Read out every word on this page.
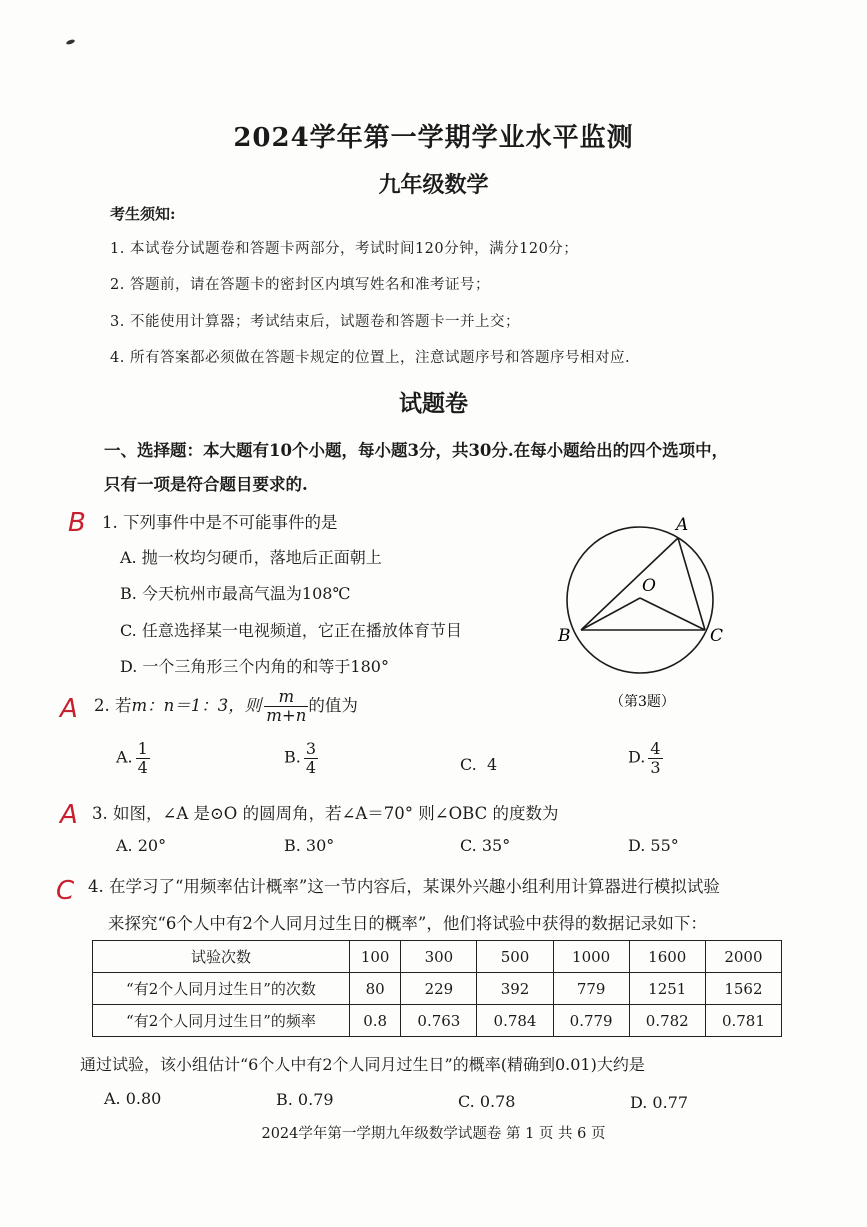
2024学年第一学期学业水平监测
九年级数学
考生须知:
1. 本试卷分试题卷和答题卡两部分，考试时间120分钟，满分120分；
2. 答题前，请在答题卡的密封区内填写姓名和准考证号；
3. 不能使用计算器；考试结束后，试题卷和答题卡一并上交；
4. 所有答案都必须做在答题卡规定的位置上，注意试题序号和答题序号相对应.
试题卷
一、选择题：本大题有10个小题，每小题3分，共30分.在每小题给出的四个选项中，
只有一项是符合题目要求的.
B 1. 下列事件中是不可能事件的是
A. 抛一枚均匀硬币，落地后正面朝上
B. 今天杭州市最高气温为108℃
C. 任意选择某一电视频道，它正在播放体育节目
D. 一个三角形三个内角的和等于180°
A
O
B	C
（第3题）
A 2. 若m：n＝1：3，则 $\frac{m}{m+n}$ 的值为
A. $\frac{1}{4}$	B. $\frac{3}{4}$	C. 4	D. $\frac{4}{3}$
A 3. 如图，∠A 是⊙O 的圆周角，若∠A＝70° 则∠OBC 的度数为
A. 20°	B. 30°	C. 35°	D. 55°
C 4. 在学习了“用频率估计概率”这一节内容后，某课外兴趣小组利用计算器进行模拟试验
来探究“6个人中有2个人同月过生日的概率”，他们将试验中获得的数据记录如下：
试验次数	100	300	500	1000	1600	2000
“有2个人同月过生日”的次数	80	229	392	779	1251	1562
“有2个人同月过生日”的频率	0.8	0.763	0.784	0.779	0.782	0.781
通过试验，该小组估计“6个人中有2个人同月过生日”的概率(精确到0.01)大约是
A. 0.80	B. 0.79	C. 0.78	D. 0.77
2024学年第一学期九年级数学试题卷 第 1 页 共 6 页
